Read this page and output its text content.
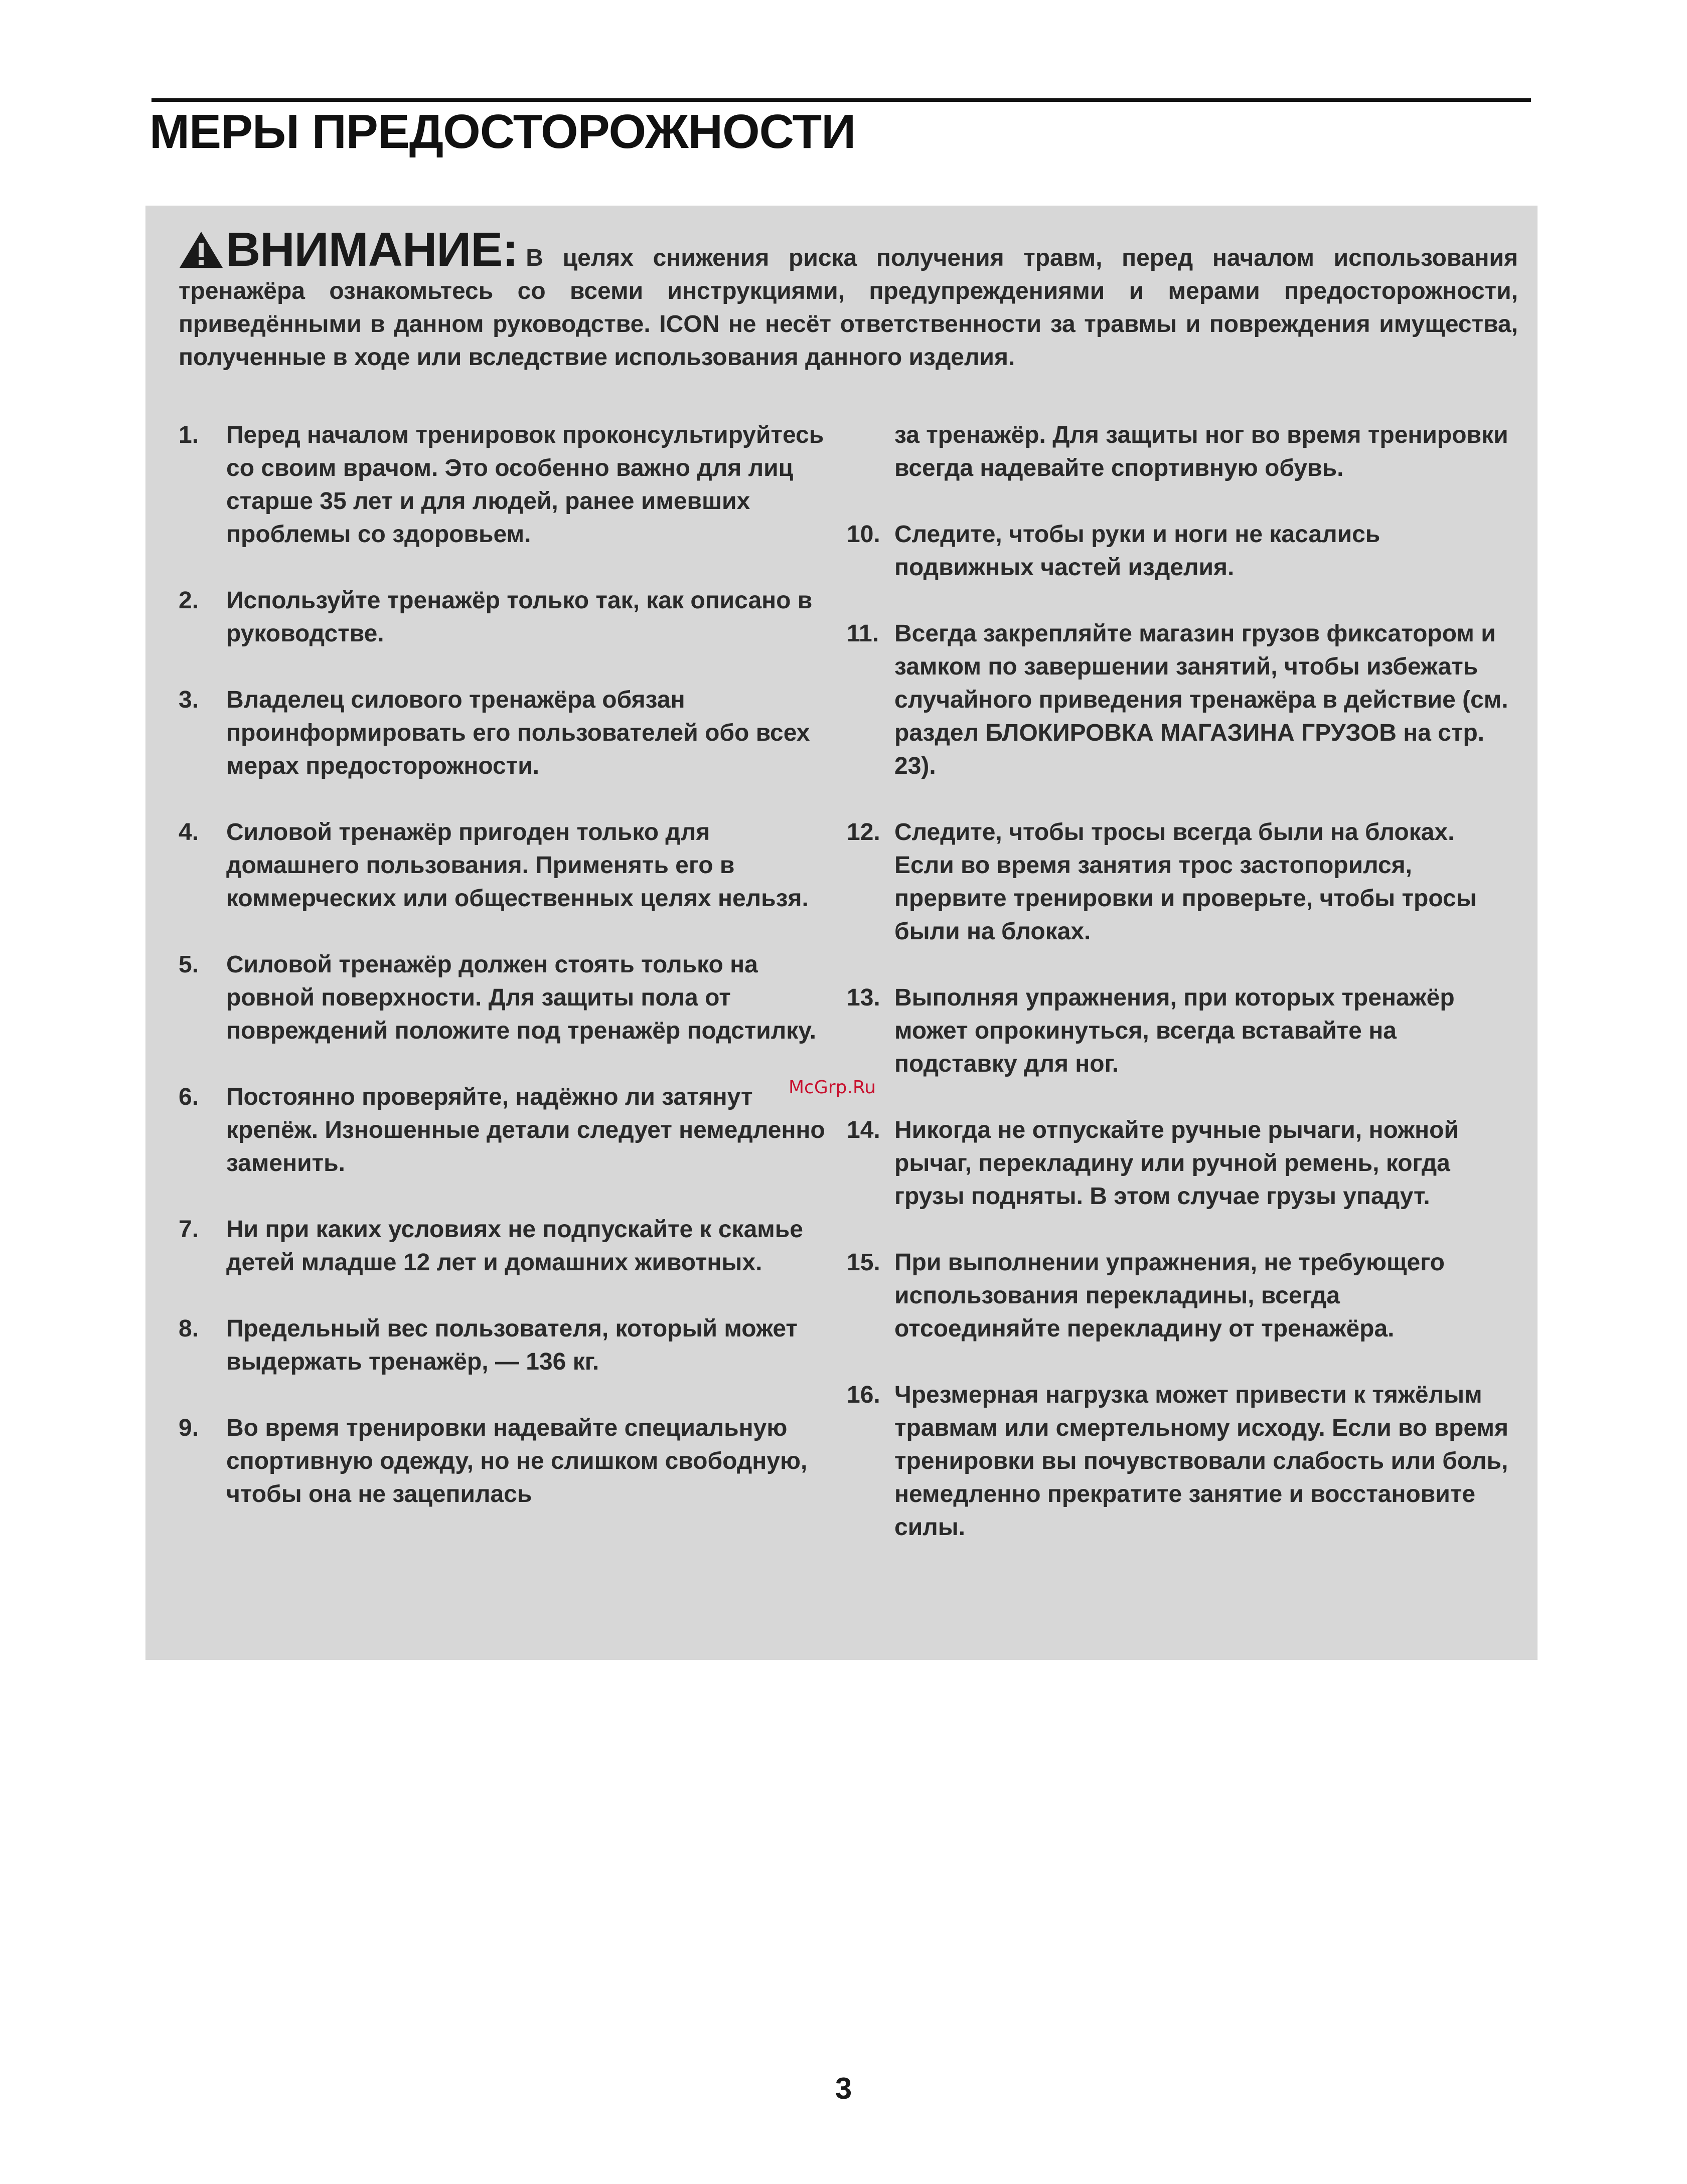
МЕРЫ ПРЕДОСТОРОЖНОСТИ
ВНИМАНИЕ: В целях снижения риска получения травм, перед началом использования тренажёра ознакомьтесь со всеми инструкциями, предупреждениями и мерами предосторожности, приведёнными в данном руководстве. ICON не несёт ответственности за травмы и повреждения имущества, полученные в ходе или вследствие использования данного изделия.
1.	Перед началом тренировок проконсультируйтесь со своим врачом. Это особенно важно для лиц старше 35 лет и для людей, ранее имевших проблемы со здоровьем.
2.	Используйте тренажёр только так, как описано в руководстве.
3.	Владелец силового тренажёра обязан проинформировать его пользователей обо всех мерах предосторожности.
4.	Силовой тренажёр пригоден только для домашнего пользования. Применять его в коммерческих или общественных целях нельзя.
5.	Силовой тренажёр должен стоять только на ровной поверхности. Для защиты пола от повреждений положите под тренажёр подстилку.
6.	Постоянно проверяйте, надёжно ли затянут крепёж. Изношенные детали следует немедленно заменить.
7.	Ни при каких условиях не подпускайте к скамье детей младше 12 лет и домашних животных.
8.	Предельный вес пользователя, который может выдержать тренажёр, — 136 кг.
9.	Во время тренировки надевайте специальную спортивную одежду, но не слишком свободную, чтобы она не зацепилась
за тренажёр. Для защиты ног во время тренировки всегда надевайте спортивную обувь.
10. Следите, чтобы руки и ноги не касались подвижных частей изделия.
11. Всегда закрепляйте магазин грузов фиксатором и замком по завершении занятий, чтобы избежать случайного приведения тренажёра в действие (см. раздел БЛОКИРОВКА МАГАЗИНА ГРУЗОВ на стр. 23).
12. Следите, чтобы тросы всегда были на блоках. Если во время занятия трос застопорился, прервите тренировки и проверьте, чтобы тросы были на блоках.
13. Выполняя упражнения, при которых тренажёр может опрокинуться, всегда вставайте на подставку для ног.
14. Никогда не отпускайте ручные рычаги, ножной рычаг, перекладину или ручной ремень, когда грузы подняты. В этом случае грузы упадут.
15. При выполнении упражнения, не требующего использования перекладины, всегда отсоединяйте перекладину от тренажёра.
16. Чрезмерная нагрузка может привести к тяжёлым травмам или смертельному исходу. Если во время тренировки вы почувствовали слабость или боль, немедленно прекратите занятие и восстановите силы.
McGrp.Ru
3
